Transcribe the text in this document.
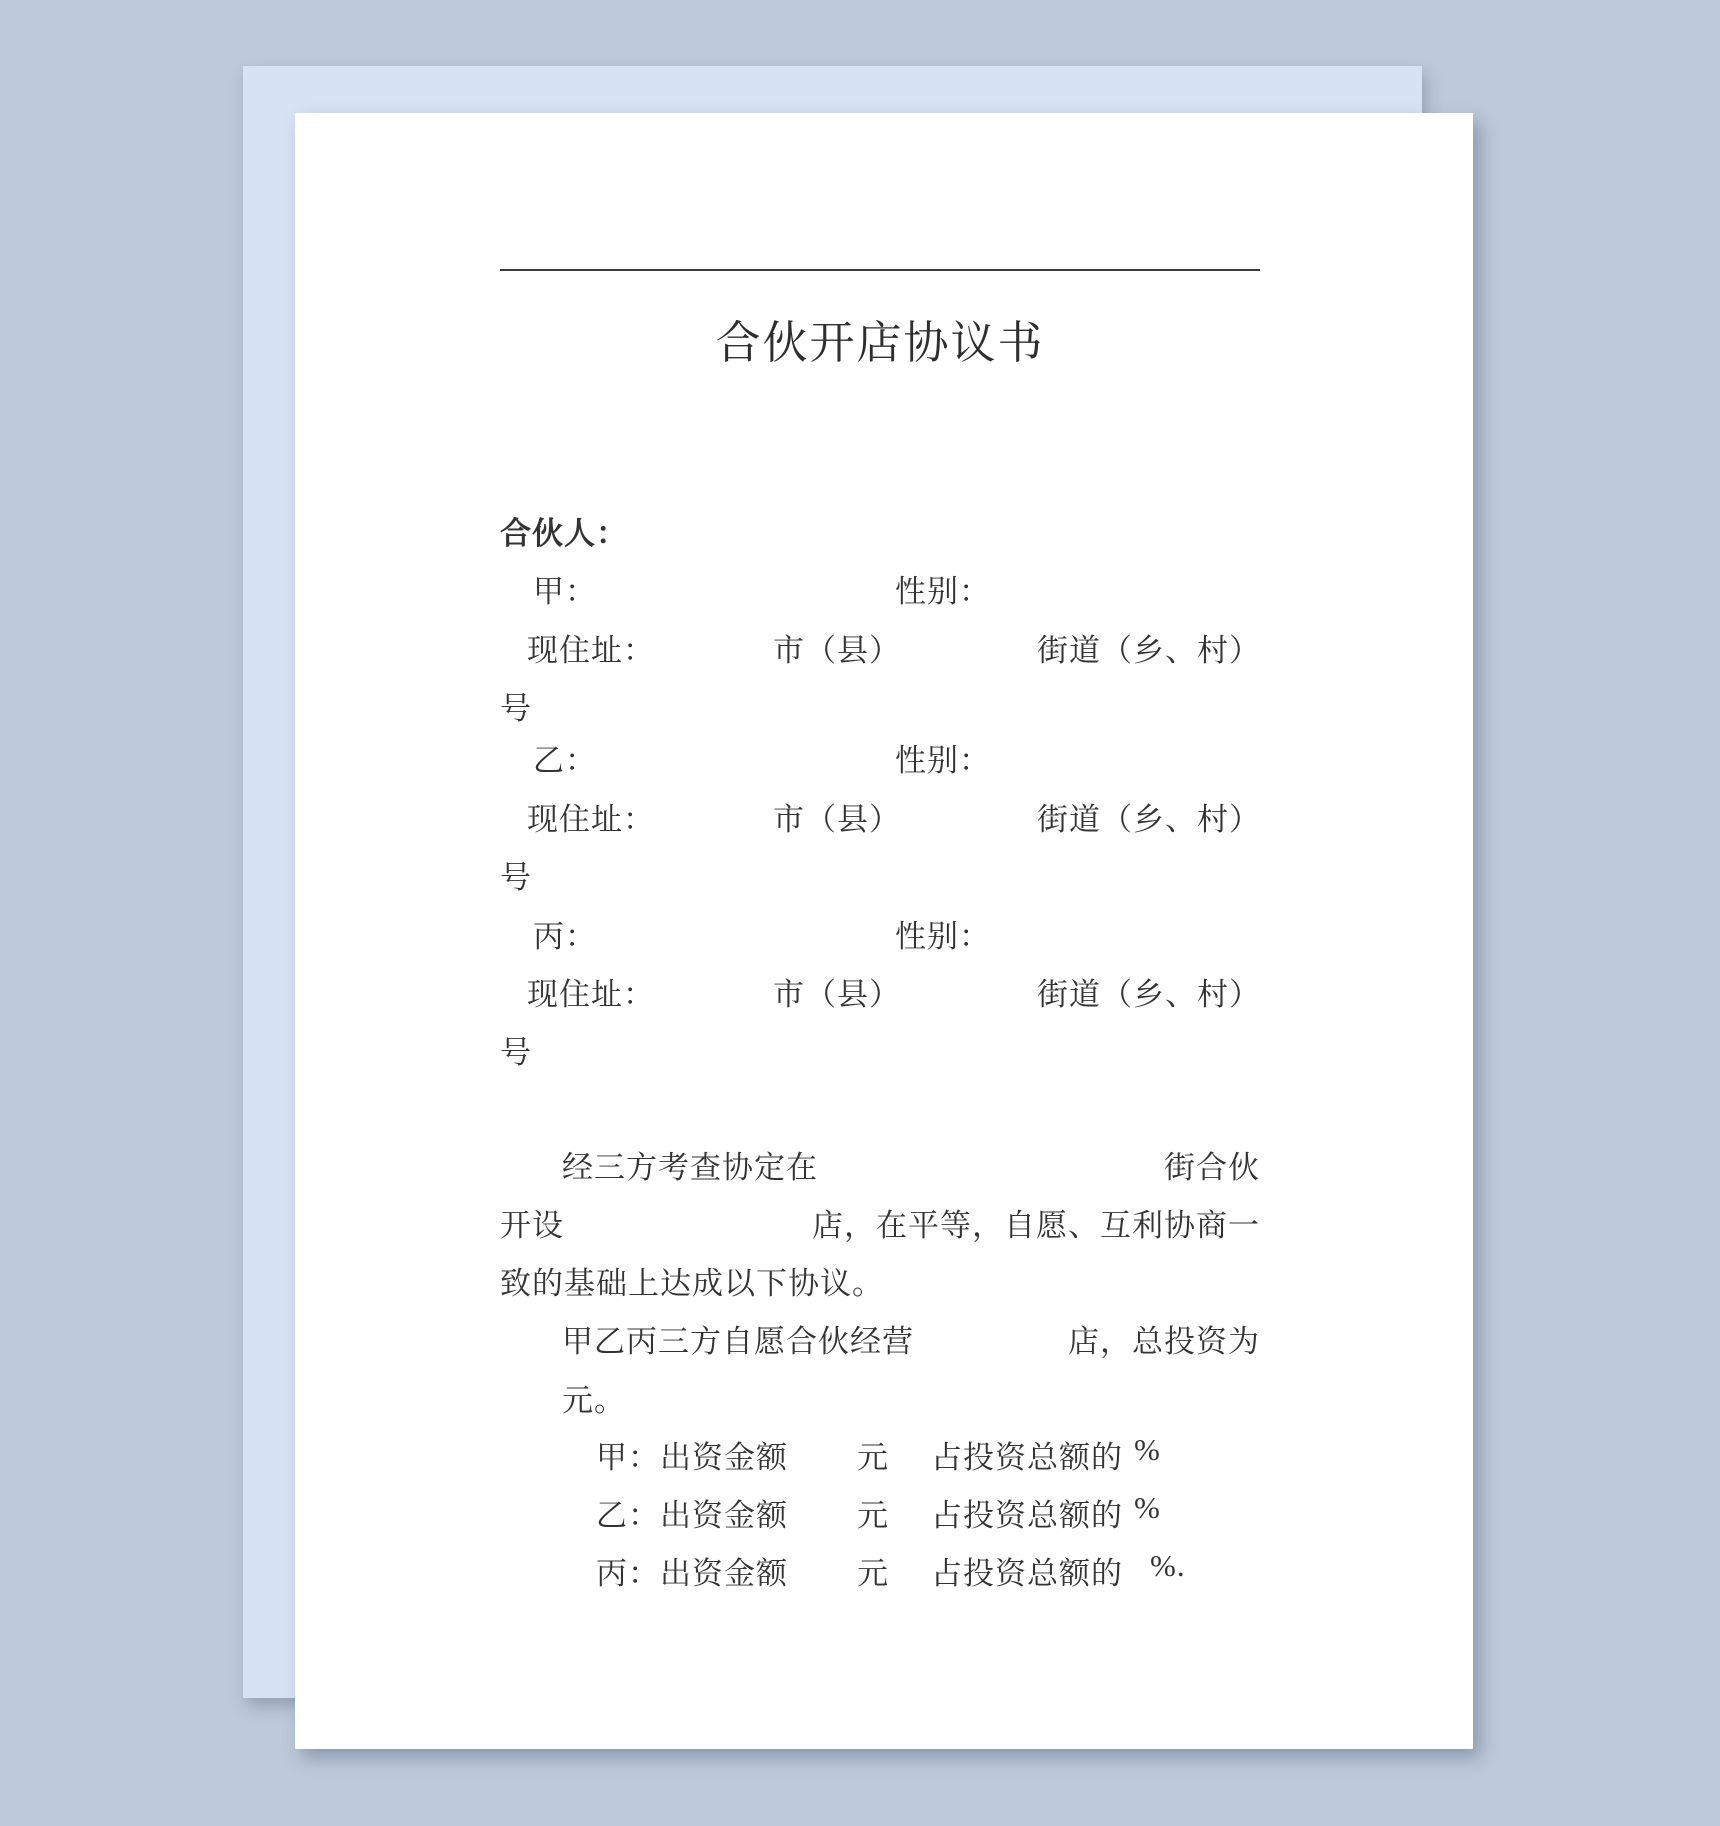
合伙开店协议书
合伙人：
甲：	性别：
现住址：	市（县）	街道（乡、村）
号
乙：	性别：
现住址：	市（县）	街道（乡、村）
号
丙：	性别：
现住址：	市（县）	街道（乡、村）
号
经三方考查协定在	街合伙
开设	店，在平等，自愿、互利协商一
致的基础上达成以下协议。
甲乙丙三方自愿合伙经营	店，总投资为
元。
甲：出资金额 元 占投资总额的 %
乙：出资金额 元 占投资总额的 %
丙：出资金额 元 占投资总额的 %.
